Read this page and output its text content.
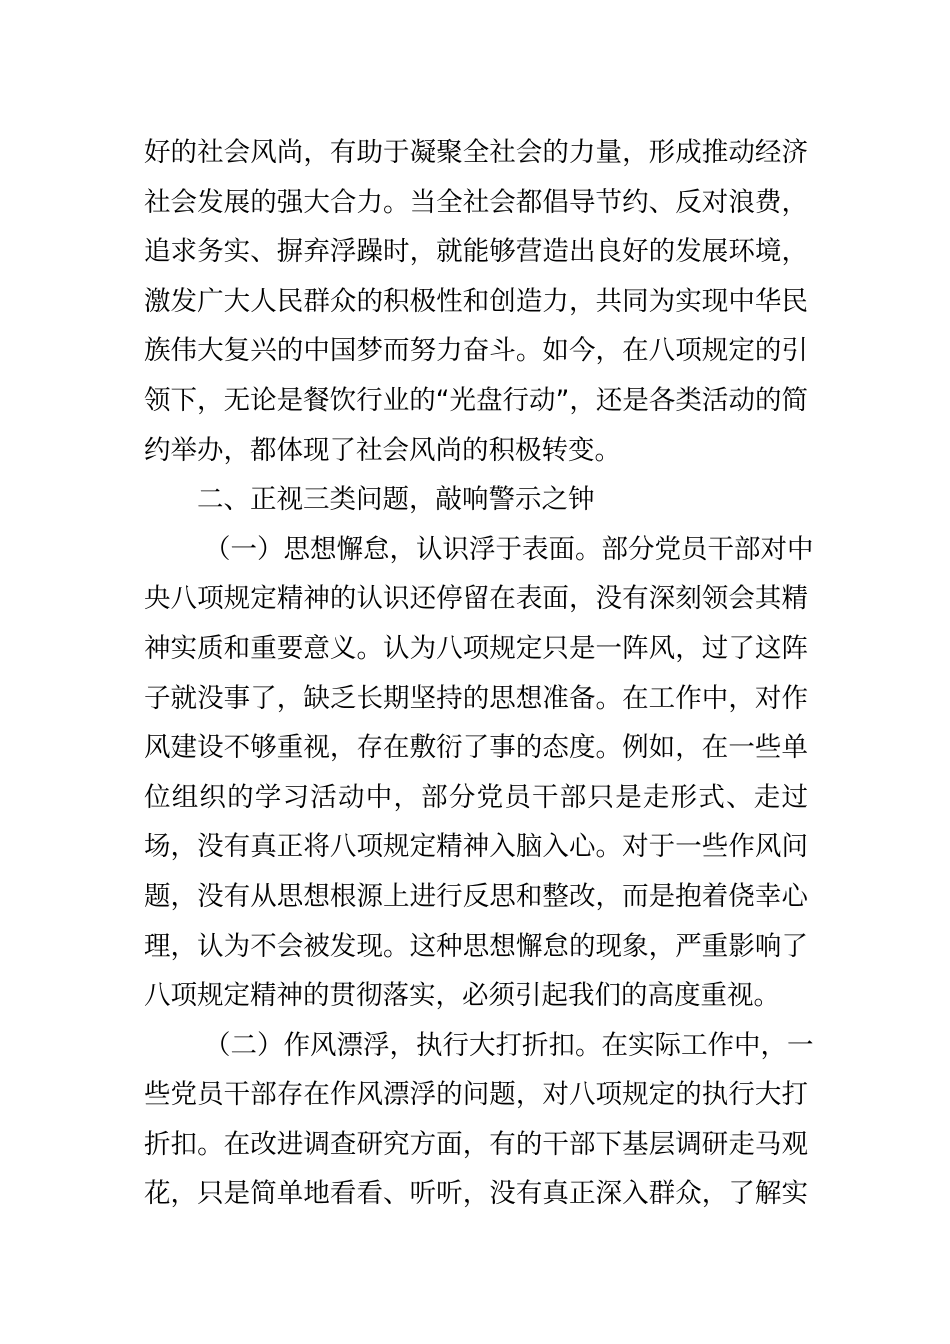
好的社会风尚，有助于凝聚全社会的力量，形成推动经济
社会发展的强大合力。当全社会都倡导节约、反对浪费，
追求务实、摒弃浮躁时，就能够营造出良好的发展环境，
激发广大人民群众的积极性和创造力，共同为实现中华民
族伟大复兴的中国梦而努力奋斗。如今，在八项规定的引
领下，无论是餐饮行业的“光盘行动”，还是各类活动的简
约举办，都体现了社会风尚的积极转变。
二、正视三类问题，敲响警示之钟
（一）思想懈怠，认识浮于表面。部分党员干部对中
央八项规定精神的认识还停留在表面，没有深刻领会其精
神实质和重要意义。认为八项规定只是一阵风，过了这阵
子就没事了，缺乏长期坚持的思想准备。在工作中，对作
风建设不够重视，存在敷衍了事的态度。例如，在一些单
位组织的学习活动中，部分党员干部只是走形式、走过
场，没有真正将八项规定精神入脑入心。对于一些作风问
题，没有从思想根源上进行反思和整改，而是抱着侥幸心
理，认为不会被发现。这种思想懈怠的现象，严重影响了
八项规定精神的贯彻落实，必须引起我们的高度重视。
（二）作风漂浮，执行大打折扣。在实际工作中，一
些党员干部存在作风漂浮的问题，对八项规定的执行大打
折扣。在改进调查研究方面，有的干部下基层调研走马观
花，只是简单地看看、听听，没有真正深入群众，了解实
